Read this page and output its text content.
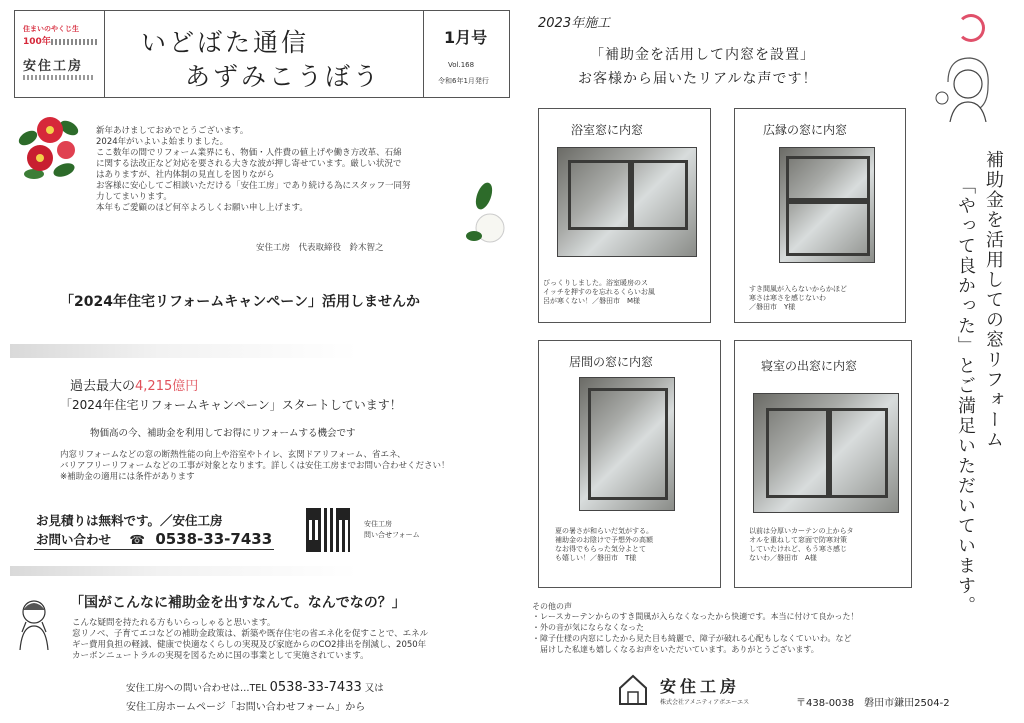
住まいのやくじ生
100年
安住工房
いどばた通信
あずみこうぼう
1月号
Vol.168
令和6年1月発行
新年あけましておめでとうございます。
2024年がいよいよ始まりました。
ここ数年の間でリフォーム業界にも、物価・人件費の値上げや働き方改革、石綿
に関する法改正など対応を要される大きな波が押し寄せています。厳しい状況で
はありますが、社内体制の見直しを図りながら
お客様に安心してご相談いただける「安住工房」であり続ける為にスタッフ一同努
力してまいります。
本年もご愛顧のほど何卒よろしくお願い申し上げます。
安住工房　代表取締役　鈴木智之
「2024年住宅リフォームキャンペーン」活用しませんか
過去最大の4,215億円
「2024年住宅リフォームキャンペーン」スタートしています！
物価高の今、補助金を利用してお得にリフォームする機会です
内窓リフォームなどの窓の断熱性能の向上や浴室やトイレ、玄関ドアリフォーム、省エネ、
バリアフリーリフォームなどの工事が対象となります。詳しくは安住工房までお問い合わせください！
※補助金の適用には条件があります
お見積りは無料です。／安住工房
お問い合わせ ☎ 0538-33-7433
安住工房
問い合せフォーム
「国がこんなに補助金を出すなんて。なんでなの？」
こんな疑問を持たれる方もいらっしゃると思います。
窓リノベ、子育てエコなどの補助金政策は、新築や既存住宅の省エネ化を促すことで、エネル
ギー費用負担の軽減、健康で快適なくらしの実現及び家庭からのCO2排出を削減し、2050年
カーボンニュートラルの実現を図るために国の事業として実施されています。
安住工房への問い合わせは…TEL 0538-33-7433 又は
安住工房ホームページ「お問い合わせフォーム」から
2023年施工
「補助金を活用して内窓を設置」
お客様から届いたリアルな声です！
浴室窓に内窓
びっくりしました。浴室暖房のス
イッチを押すのを忘れるくらいお風
呂が寒くない！／磐田市　M様
広縁の窓に内窓
すき間風が入らないからかほど
寒さは寒さを感じないわ
／磐田市　Y様
居間の窓に内窓
夏の暑さが和らいだ気がする。
補助金のお陰けで予想外の高額
なお得でもらった気分よとて
も嬉しい！／磐田市　T様
寝室の出窓に内窓
以前は分厚いカーテンの上からタ
オルを重ねして窓面で防寒対策
していたけれど、もう寒さ感じ
ないわ／磐田市　A様
補助金を活用しての窓リフォーム
「やって良かった」とご満足いただいています。
その他の声
・レースカーテンからのすき間風が入らなくなったから快適です。本当に付けて良かった！
・外の音が気にならなくなった
・障子仕様の内窓にしたから見た目も綺麗で、障子が破れる心配もしなくていいわ。など
　届けした私達も嬉しくなるお声をいただいています。ありがとうございます。
安住工房
株式会社アメニティアボエーエス	〒438-0038　磐田市鎌田2504-2
